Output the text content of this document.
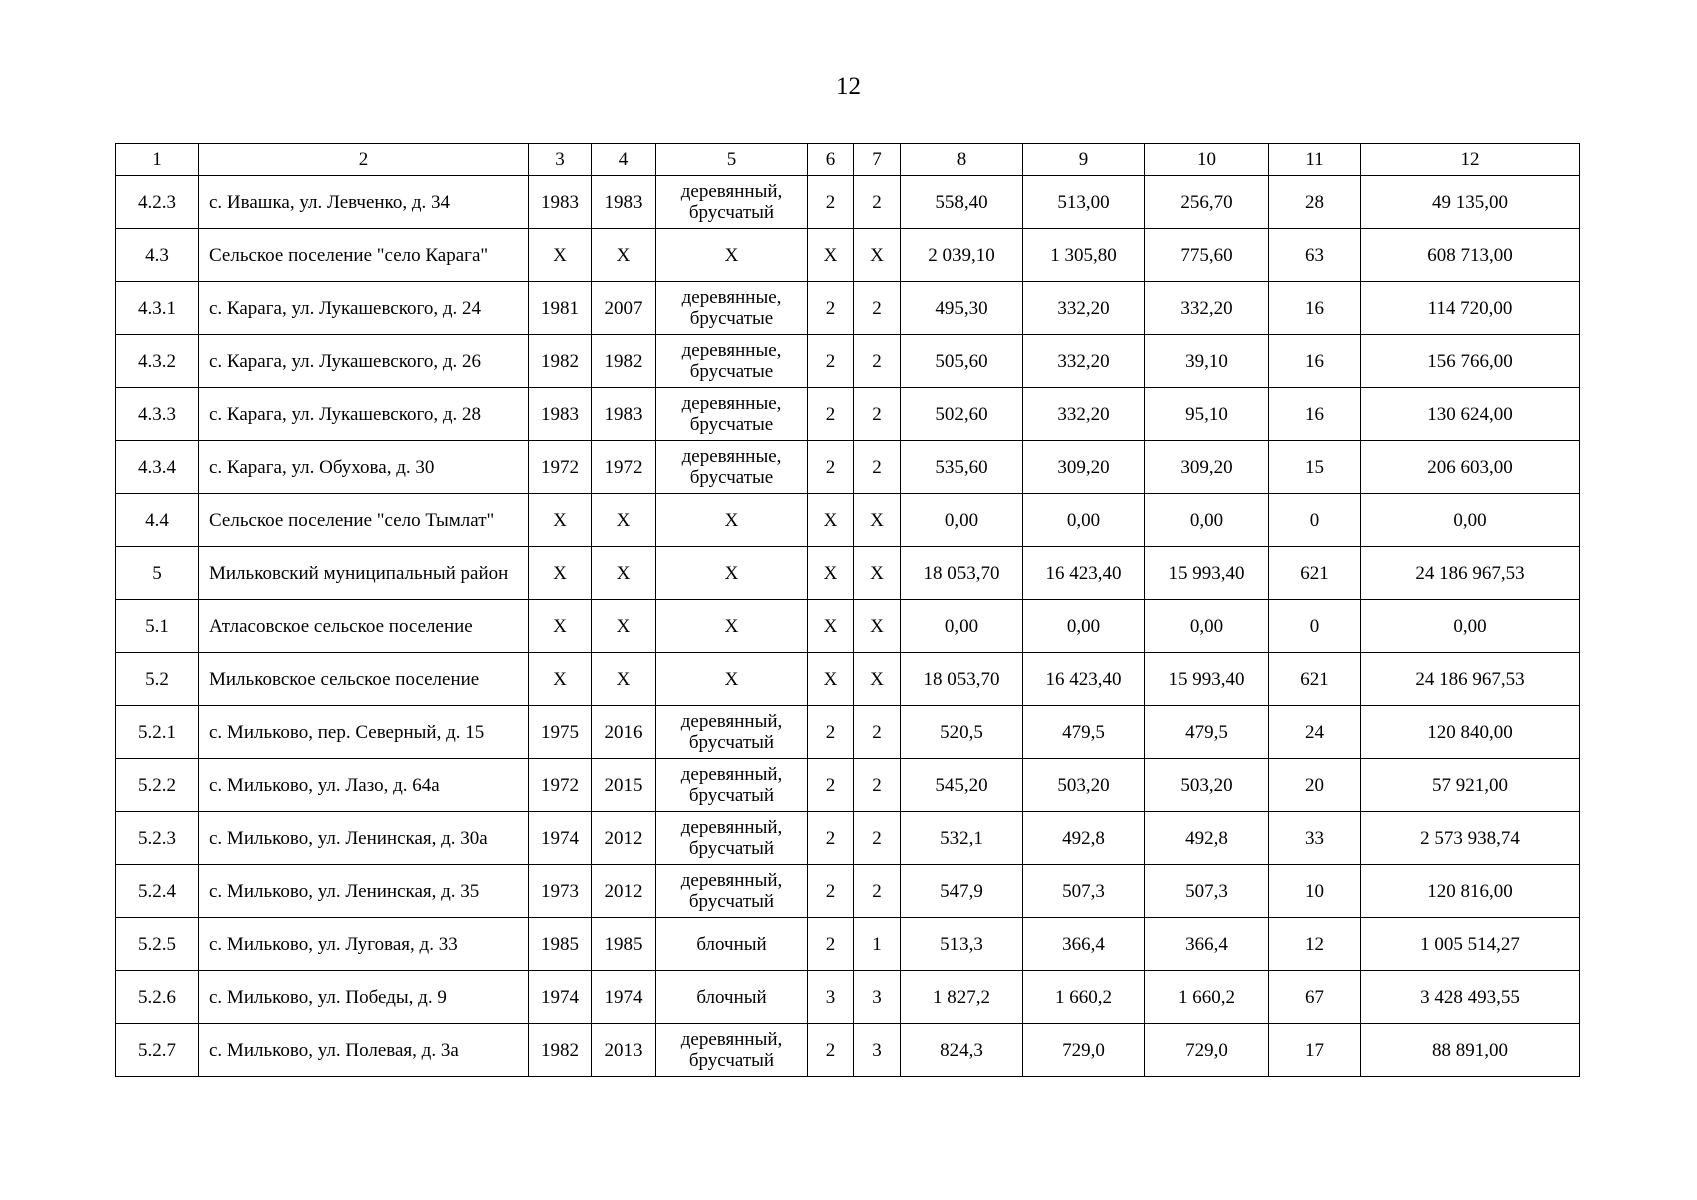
12
1	2	3	4	5	6	7	8	9	10	11	12
4.2.3	с. Ивашка, ул. Левченко, д. 34	1983	1983	деревянный, брусчатый	2	2	558,40	513,00	256,70	28	49 135,00
4.3	Сельское поселение "село Карага"	Х	Х	Х	Х	Х	2 039,10	1 305,80	775,60	63	608 713,00
4.3.1	с. Карага, ул. Лукашевского, д. 24	1981	2007	деревянные, брусчатые	2	2	495,30	332,20	332,20	16	114 720,00
4.3.2	с. Карага, ул. Лукашевского, д. 26	1982	1982	деревянные, брусчатые	2	2	505,60	332,20	39,10	16	156 766,00
4.3.3	с. Карага, ул. Лукашевского, д. 28	1983	1983	деревянные, брусчатые	2	2	502,60	332,20	95,10	16	130 624,00
4.3.4	с. Карага, ул. Обухова, д. 30	1972	1972	деревянные, брусчатые	2	2	535,60	309,20	309,20	15	206 603,00
4.4	Сельское поселение "село Тымлат"	Х	Х	Х	Х	Х	0,00	0,00	0,00	0	0,00
5	Мильковский муниципальный район	Х	Х	Х	Х	Х	18 053,70	16 423,40	15 993,40	621	24 186 967,53
5.1	Атласовское сельское поселение	Х	Х	Х	Х	Х	0,00	0,00	0,00	0	0,00
5.2	Мильковское сельское поселение	Х	Х	Х	Х	Х	18 053,70	16 423,40	15 993,40	621	24 186 967,53
5.2.1	с. Мильково, пер. Северный, д. 15	1975	2016	деревянный, брусчатый	2	2	520,5	479,5	479,5	24	120 840,00
5.2.2	с. Мильково, ул. Лазо, д. 64а	1972	2015	деревянный, брусчатый	2	2	545,20	503,20	503,20	20	57 921,00
5.2.3	с. Мильково, ул. Ленинская, д. 30а	1974	2012	деревянный, брусчатый	2	2	532,1	492,8	492,8	33	2 573 938,74
5.2.4	с. Мильково, ул. Ленинская, д. 35	1973	2012	деревянный, брусчатый	2	2	547,9	507,3	507,3	10	120 816,00
5.2.5	с. Мильково, ул. Луговая, д. 33	1985	1985	блочный	2	1	513,3	366,4	366,4	12	1 005 514,27
5.2.6	с. Мильково, ул. Победы, д. 9	1974	1974	блочный	3	3	1 827,2	1 660,2	1 660,2	67	3 428 493,55
5.2.7	с. Мильково, ул. Полевая, д. 3а	1982	2013	деревянный, брусчатый	2	3	824,3	729,0	729,0	17	88 891,00
